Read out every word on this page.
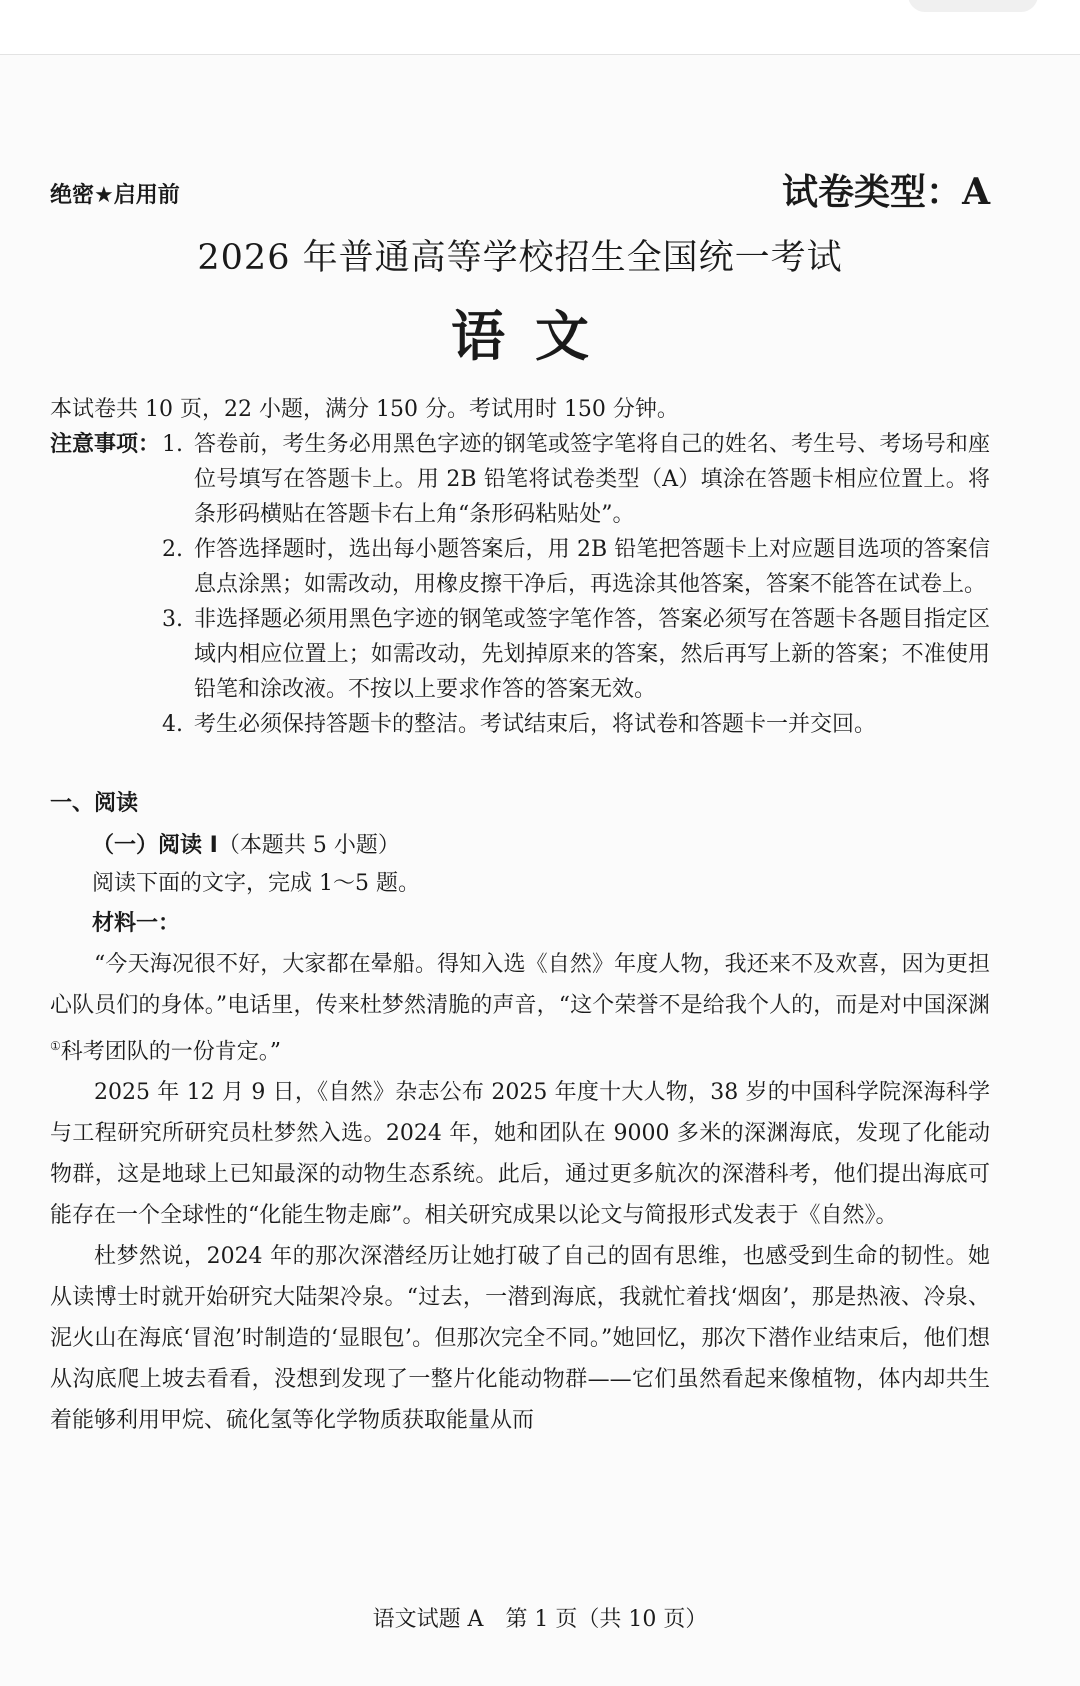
绝密★启用前	试卷类型：A
2026 年普通高等学校招生全国统一考试
语文
本试卷共 10 页，22 小题，满分 150 分。考试用时 150 分钟。
注意事项： 1. 答卷前，考生务必用黑色字迹的钢笔或签字笔将自己的姓名、考生号、考场号和座位号填写在答题卡上。用 2B 铅笔将试卷类型（A）填涂在答题卡相应位置上。将条形码横贴在答题卡右上角“条形码粘贴处”。
2. 作答选择题时，选出每小题答案后，用 2B 铅笔把答题卡上对应题目选项的答案信息点涂黑；如需改动，用橡皮擦干净后，再选涂其他答案，答案不能答在试卷上。
3. 非选择题必须用黑色字迹的钢笔或签字笔作答，答案必须写在答题卡各题目指定区域内相应位置上；如需改动，先划掉原来的答案，然后再写上新的答案；不准使用铅笔和涂改液。不按以上要求作答的答案无效。
4. 考生必须保持答题卡的整洁。考试结束后，将试卷和答题卡一并交回。
一、阅读
（一）阅读 I（本题共 5 小题）
阅读下面的文字，完成 1～5 题。
材料一：

“今天海况很不好，大家都在晕船。得知入选《自然》年度人物，我还来不及欢喜，因为更担心队员们的身体。”电话里，传来杜梦然清脆的声音，“这个荣誉不是给我个人的，而是对中国深渊①科考团队的一份肯定。”

2025 年 12 月 9 日，《自然》杂志公布 2025 年度十大人物，38 岁的中国科学院深海科学与工程研究所研究员杜梦然入选。2024 年，她和团队在 9000 多米的深渊海底，发现了化能动物群，这是地球上已知最深的动物生态系统。此后，通过更多航次的深潜科考，他们提出海底可能存在一个全球性的“化能生物走廊”。相关研究成果以论文与简报形式发表于《自然》。

杜梦然说，2024 年的那次深潜经历让她打破了自己的固有思维，也感受到生命的韧性。她从读博士时就开始研究大陆架冷泉。“过去，一潜到海底，我就忙着找‘烟囱’，那是热液、冷泉、泥火山在海底‘冒泡’时制造的‘显眼包’。但那次完全不同。”她回忆，那次下潜作业结束后，他们想从沟底爬上坡去看看，没想到发现了一整片化能动物群——它们虽然看起来像植物，体内却共生着能够利用甲烷、硫化氢等化学物质获取能量从而

语文试题 A　第 1 页（共 10 页）
